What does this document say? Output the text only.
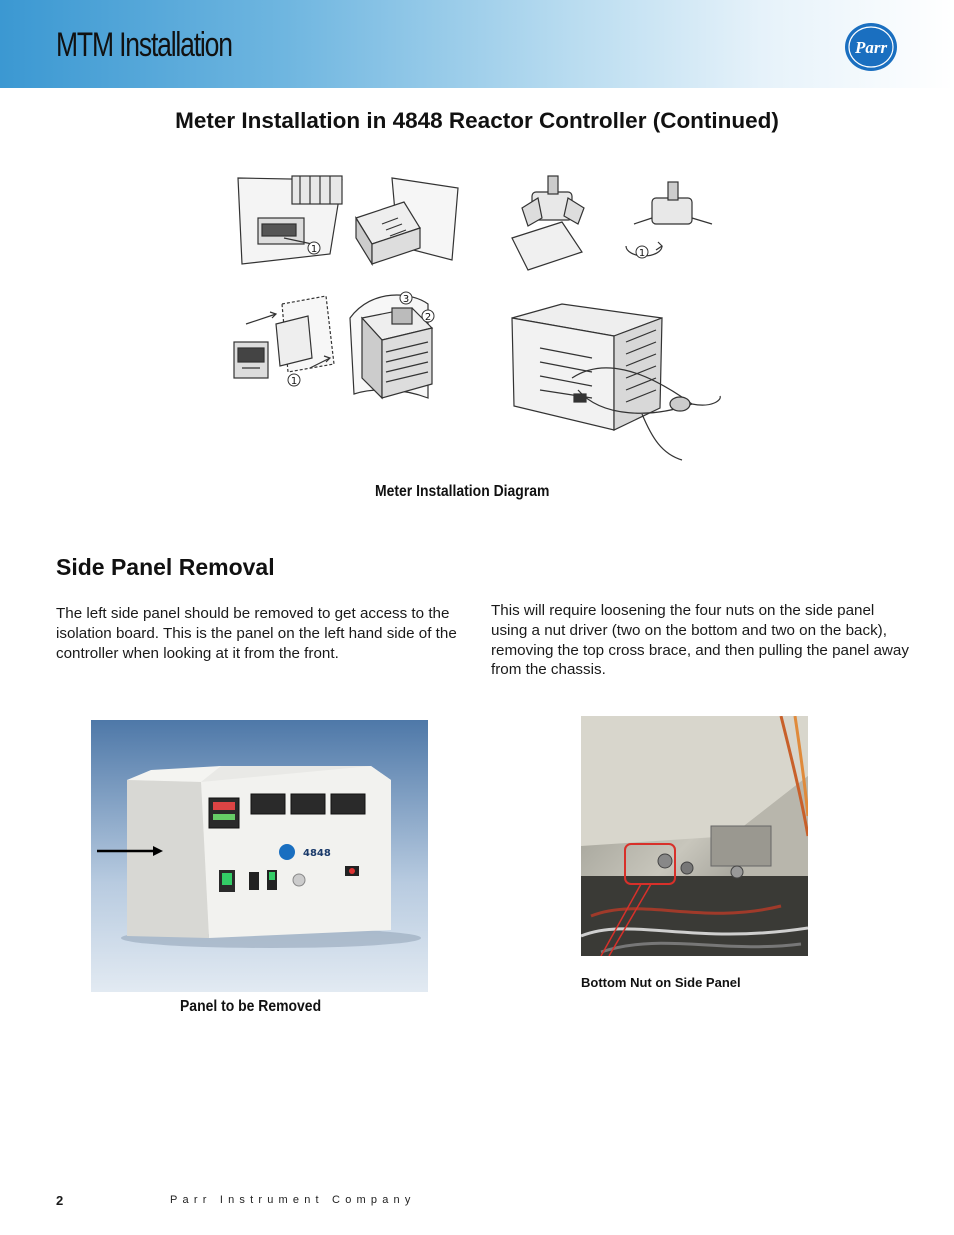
MTM Installation	Parr
Meter Installation in 4848 Reactor Controller (Continued)
1
1
2
3
1
Meter Installation Diagram
Side Panel Removal
The left side panel should be removed to get access to the isolation board. This is the panel on the left hand side of the controller when looking at it from the front.
This will require loosening the four nuts on the side panel using a nut driver (two on the bottom and two on the back), removing the top cross brace, and then pulling the panel away from the chassis.
4848
Panel to be Removed
Bottom Nut on Side Panel
2	Parr Instrument Company
